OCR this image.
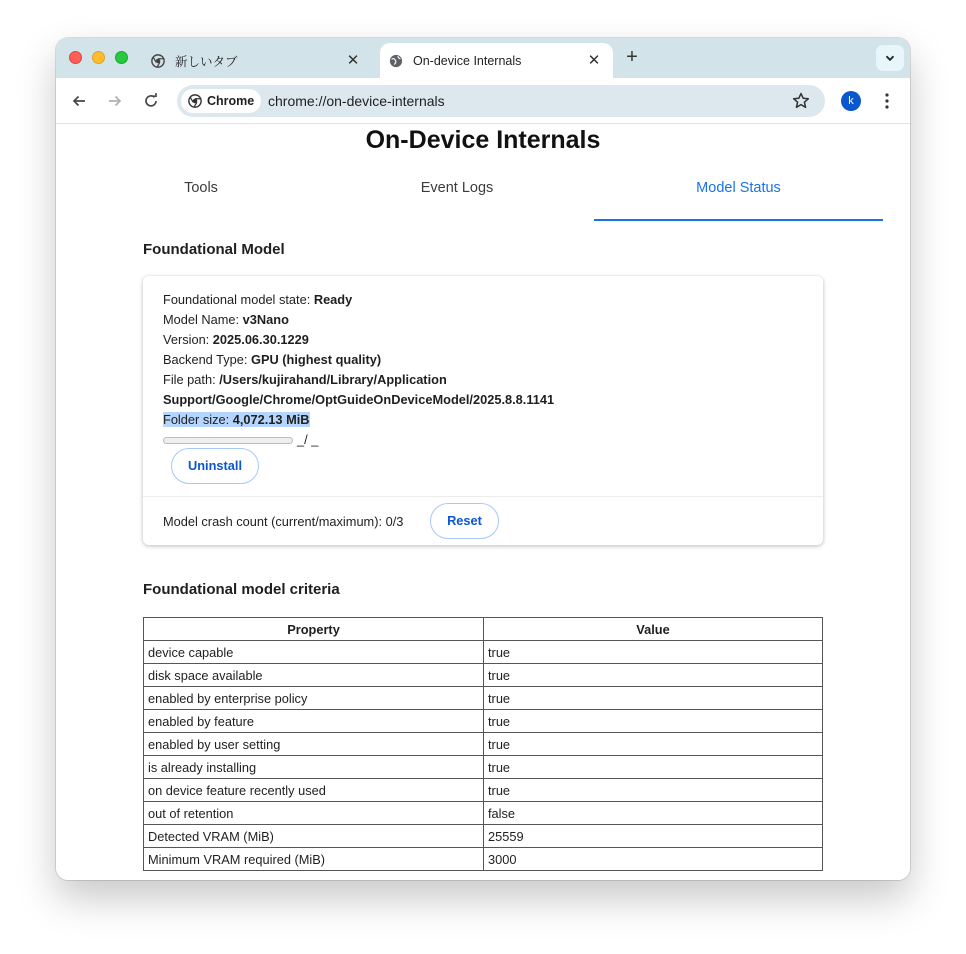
新しいタブ	✕	On-device Internals	✕	+
Chrome chrome://on-device-internals	k
On-Device Internals
Tools	Event Logs	Model Status
Foundational Model
Foundational model state: Ready
Model Name: v3Nano
Version: 2025.06.30.1229
Backend Type: GPU (highest quality)
File path: /Users/kujirahand/Library/Application
Support/Google/Chrome/OptGuideOnDeviceModel/2025.8.8.1141
Folder size: 4,072.13 MiB
_/ _
Uninstall
Model crash count (current/maximum): 0/3	Reset
Foundational model criteria
Property	Value
device capable	true
disk space available	true
enabled by enterprise policy	true
enabled by feature	true
enabled by user setting	true
is already installing	true
on device feature recently used	true
out of retention	false
Detected VRAM (MiB)	25559
Minimum VRAM required (MiB)	3000
